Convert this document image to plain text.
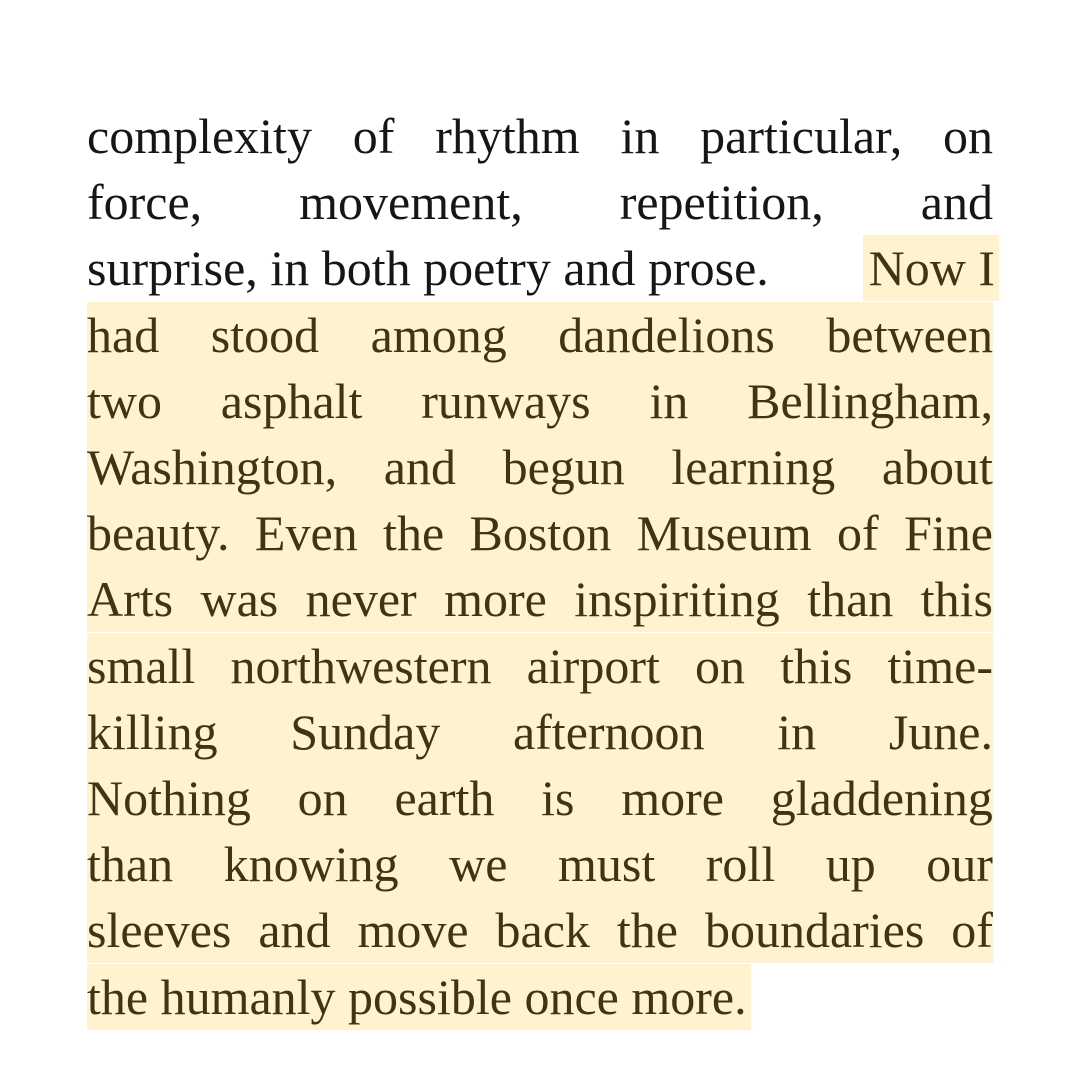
complexity of rhythm in particular, on
force, movement, repetition, and
surprise, in both poetry and prose. Now I
had stood among dandelions between
two asphalt runways in Bellingham,
Washington, and begun learning about
beauty. Even the Boston Museum of Fine
Arts was never more inspiriting than this
small northwestern airport on this time-
killing Sunday afternoon in June.
Nothing on earth is more gladdening
than knowing we must roll up our
sleeves and move back the boundaries of
the humanly possible once more.
